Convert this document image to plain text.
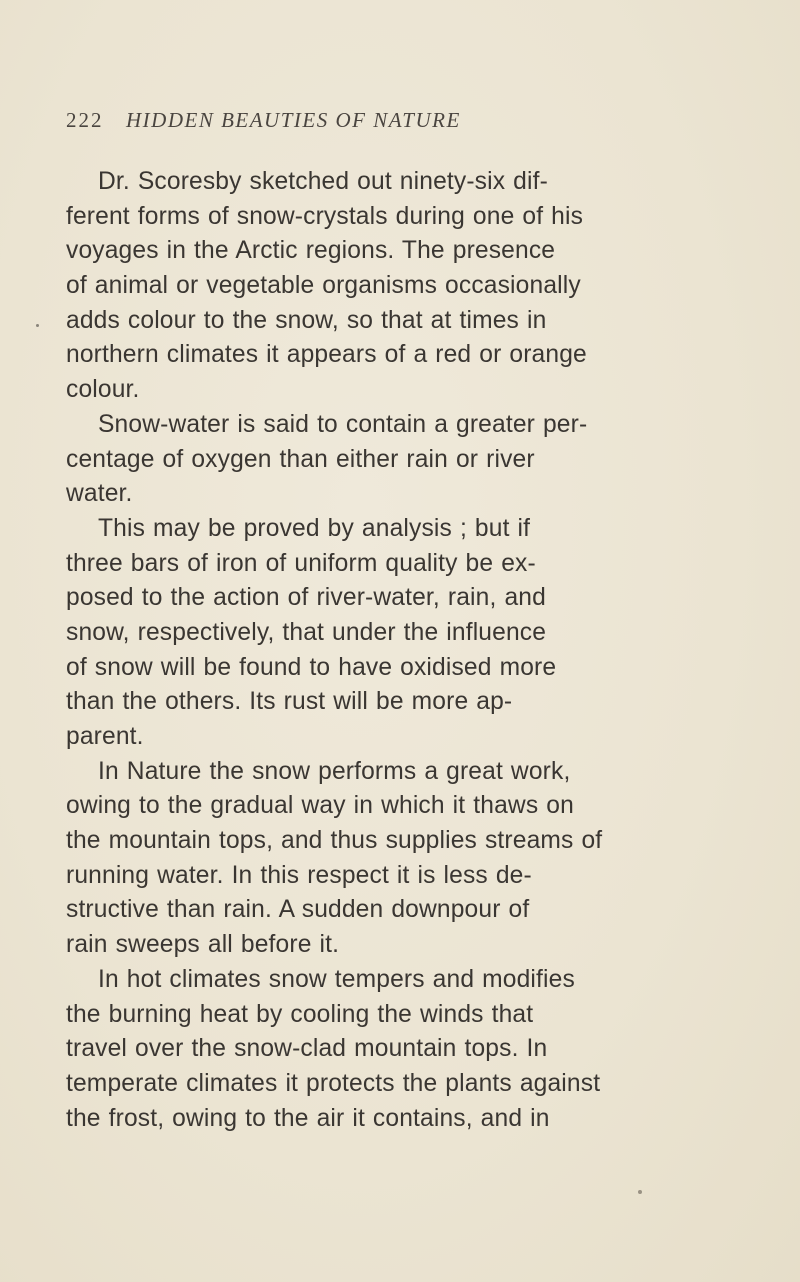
222 HIDDEN BEAUTIES OF NATURE
Dr. Scoresby sketched out ninety-six dif-
ferent forms of snow-crystals during one of his
voyages in the Arctic regions. The presence
of animal or vegetable organisms occasionally
adds colour to the snow, so that at times in
northern climates it appears of a red or orange
colour.
Snow-water is said to contain a greater per-
centage of oxygen than either rain or river
water.
This may be proved by analysis ; but if
three bars of iron of uniform quality be ex-
posed to the action of river-water, rain, and
snow, respectively, that under the influence
of snow will be found to have oxidised more
than the others. Its rust will be more ap-
parent.
In Nature the snow performs a great work,
owing to the gradual way in which it thaws on
the mountain tops, and thus supplies streams of
running water. In this respect it is less de-
structive than rain. A sudden downpour of
rain sweeps all before it.
In hot climates snow tempers and modifies
the burning heat by cooling the winds that
travel over the snow-clad mountain tops. In
temperate climates it protects the plants against
the frost, owing to the air it contains, and in
